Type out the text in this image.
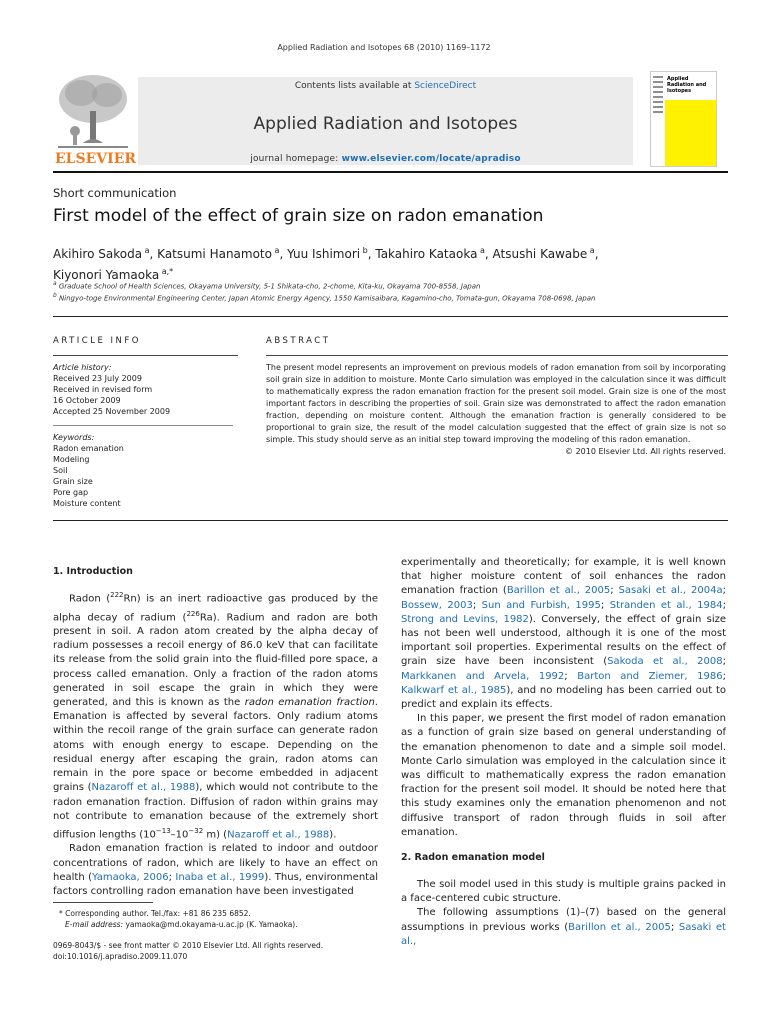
Applied Radiation and Isotopes 68 (2010) 1169–1172
ELSEVIER
Contents lists available at ScienceDirect
Applied Radiation and Isotopes
journal homepage: www.elsevier.com/locate/apradiso
Applied Radiation and Isotopes
Short communication
First model of the effect of grain size on radon emanation
Akihiro Sakoda $^a$, Katsumi Hanamoto $^a$, Yuu Ishimori $^b$, Takahiro Kataoka $^a$, Atsushi Kawabe $^a$,
Kiyonori Yamaoka $^{a,*}$
$^a$ Graduate School of Health Sciences, Okayama University, 5-1 Shikata-cho, 2-chome, Kita-ku, Okayama 700-8558, Japan
$^b$ Ningyo-toge Environmental Engineering Center, Japan Atomic Energy Agency, 1550 Kamisaibara, Kagamino-cho, Tomata-gun, Okayama 708-0698, Japan
ARTICLE INFO
Article history:
Received 23 July 2009
Received in revised form
16 October 2009
Accepted 25 November 2009
Keywords:
Radon emanation
Modeling
Soil
Grain size
Pore gap
Moisture content
ABSTRACT
The present model represents an improvement on previous models of radon emanation from soil by incorporating soil grain size in addition to moisture. Monte Carlo simulation was employed in the calculation since it was difficult to mathematically express the radon emanation fraction for the present soil model. Grain size is one of the most important factors in describing the properties of soil. Grain size was demonstrated to affect the radon emanation fraction, depending on moisture content. Although the emanation fraction is generally considered to be proportional to grain size, the result of the model calculation suggested that the effect of grain size is not so simple. This study should serve as an initial step toward improving the modeling of this radon emanation.
© 2010 Elsevier Ltd. All rights reserved.
1. Introduction

Radon ($^{222}$Rn) is an inert radioactive gas produced by the alpha decay of radium ($^{226}$Ra). Radium and radon are both present in soil. A radon atom created by the alpha decay of radium possesses a recoil energy of 86.0 keV that can facilitate its release from the solid grain into the fluid-filled pore space, a process called emanation. Only a fraction of the radon atoms generated in soil escape the grain in which they were generated, and this is known as the radon emanation fraction. Emanation is affected by several factors. Only radium atoms within the recoil range of the grain surface can generate radon atoms with enough energy to escape. Depending on the residual energy after escaping the grain, radon atoms can remain in the pore space or become embedded in adjacent grains (Nazaroff et al., 1988), which would not contribute to the radon emanation fraction. Diffusion of radon within grains may not contribute to emanation because of the extremely short diffusion lengths ($10^{-13}-10^{-32}$ m) (Nazaroff et al., 1988).

Radon emanation fraction is related to indoor and outdoor concentrations of radon, which are likely to have an effect on health (Yamaoka, 2006; Inaba et al., 1999). Thus, environmental factors controlling radon emanation have been investigated

experimentally and theoretically; for example, it is well known that higher moisture content of soil enhances the radon emanation fraction (Barillon et al., 2005; Sasaki et al., 2004a; Bossew, 2003; Sun and Furbish, 1995; Stranden et al., 1984; Strong and Levins, 1982). Conversely, the effect of grain size has not been well understood, although it is one of the most important soil properties. Experimental results on the effect of grain size have been inconsistent (Sakoda et al., 2008; Markkanen and Arvela, 1992; Barton and Ziemer, 1986; Kalkwarf et al., 1985), and no modeling has been carried out to predict and explain its effects.

In this paper, we present the first model of radon emanation as a function of grain size based on general understanding of the emanation phenomenon to date and a simple soil model. Monte Carlo simulation was employed in the calculation since it was difficult to mathematically express the radon emanation fraction for the present soil model. It should be noted here that this study examines only the emanation phenomenon and not diffusive transport of radon through fluids in soil after emanation.

2. Radon emanation model

The soil model used in this study is multiple grains packed in a face-centered cubic structure.

The following assumptions (1)–(7) based on the general assumptions in previous works (Barillon et al., 2005; Sasaki et al.,

* Corresponding author. Tel./fax: +81 86 235 6852.
E-mail address: yamaoka@md.okayama-u.ac.jp (K. Yamaoka).
0969-8043/$ - see front matter © 2010 Elsevier Ltd. All rights reserved.
doi:10.1016/j.apradiso.2009.11.070
